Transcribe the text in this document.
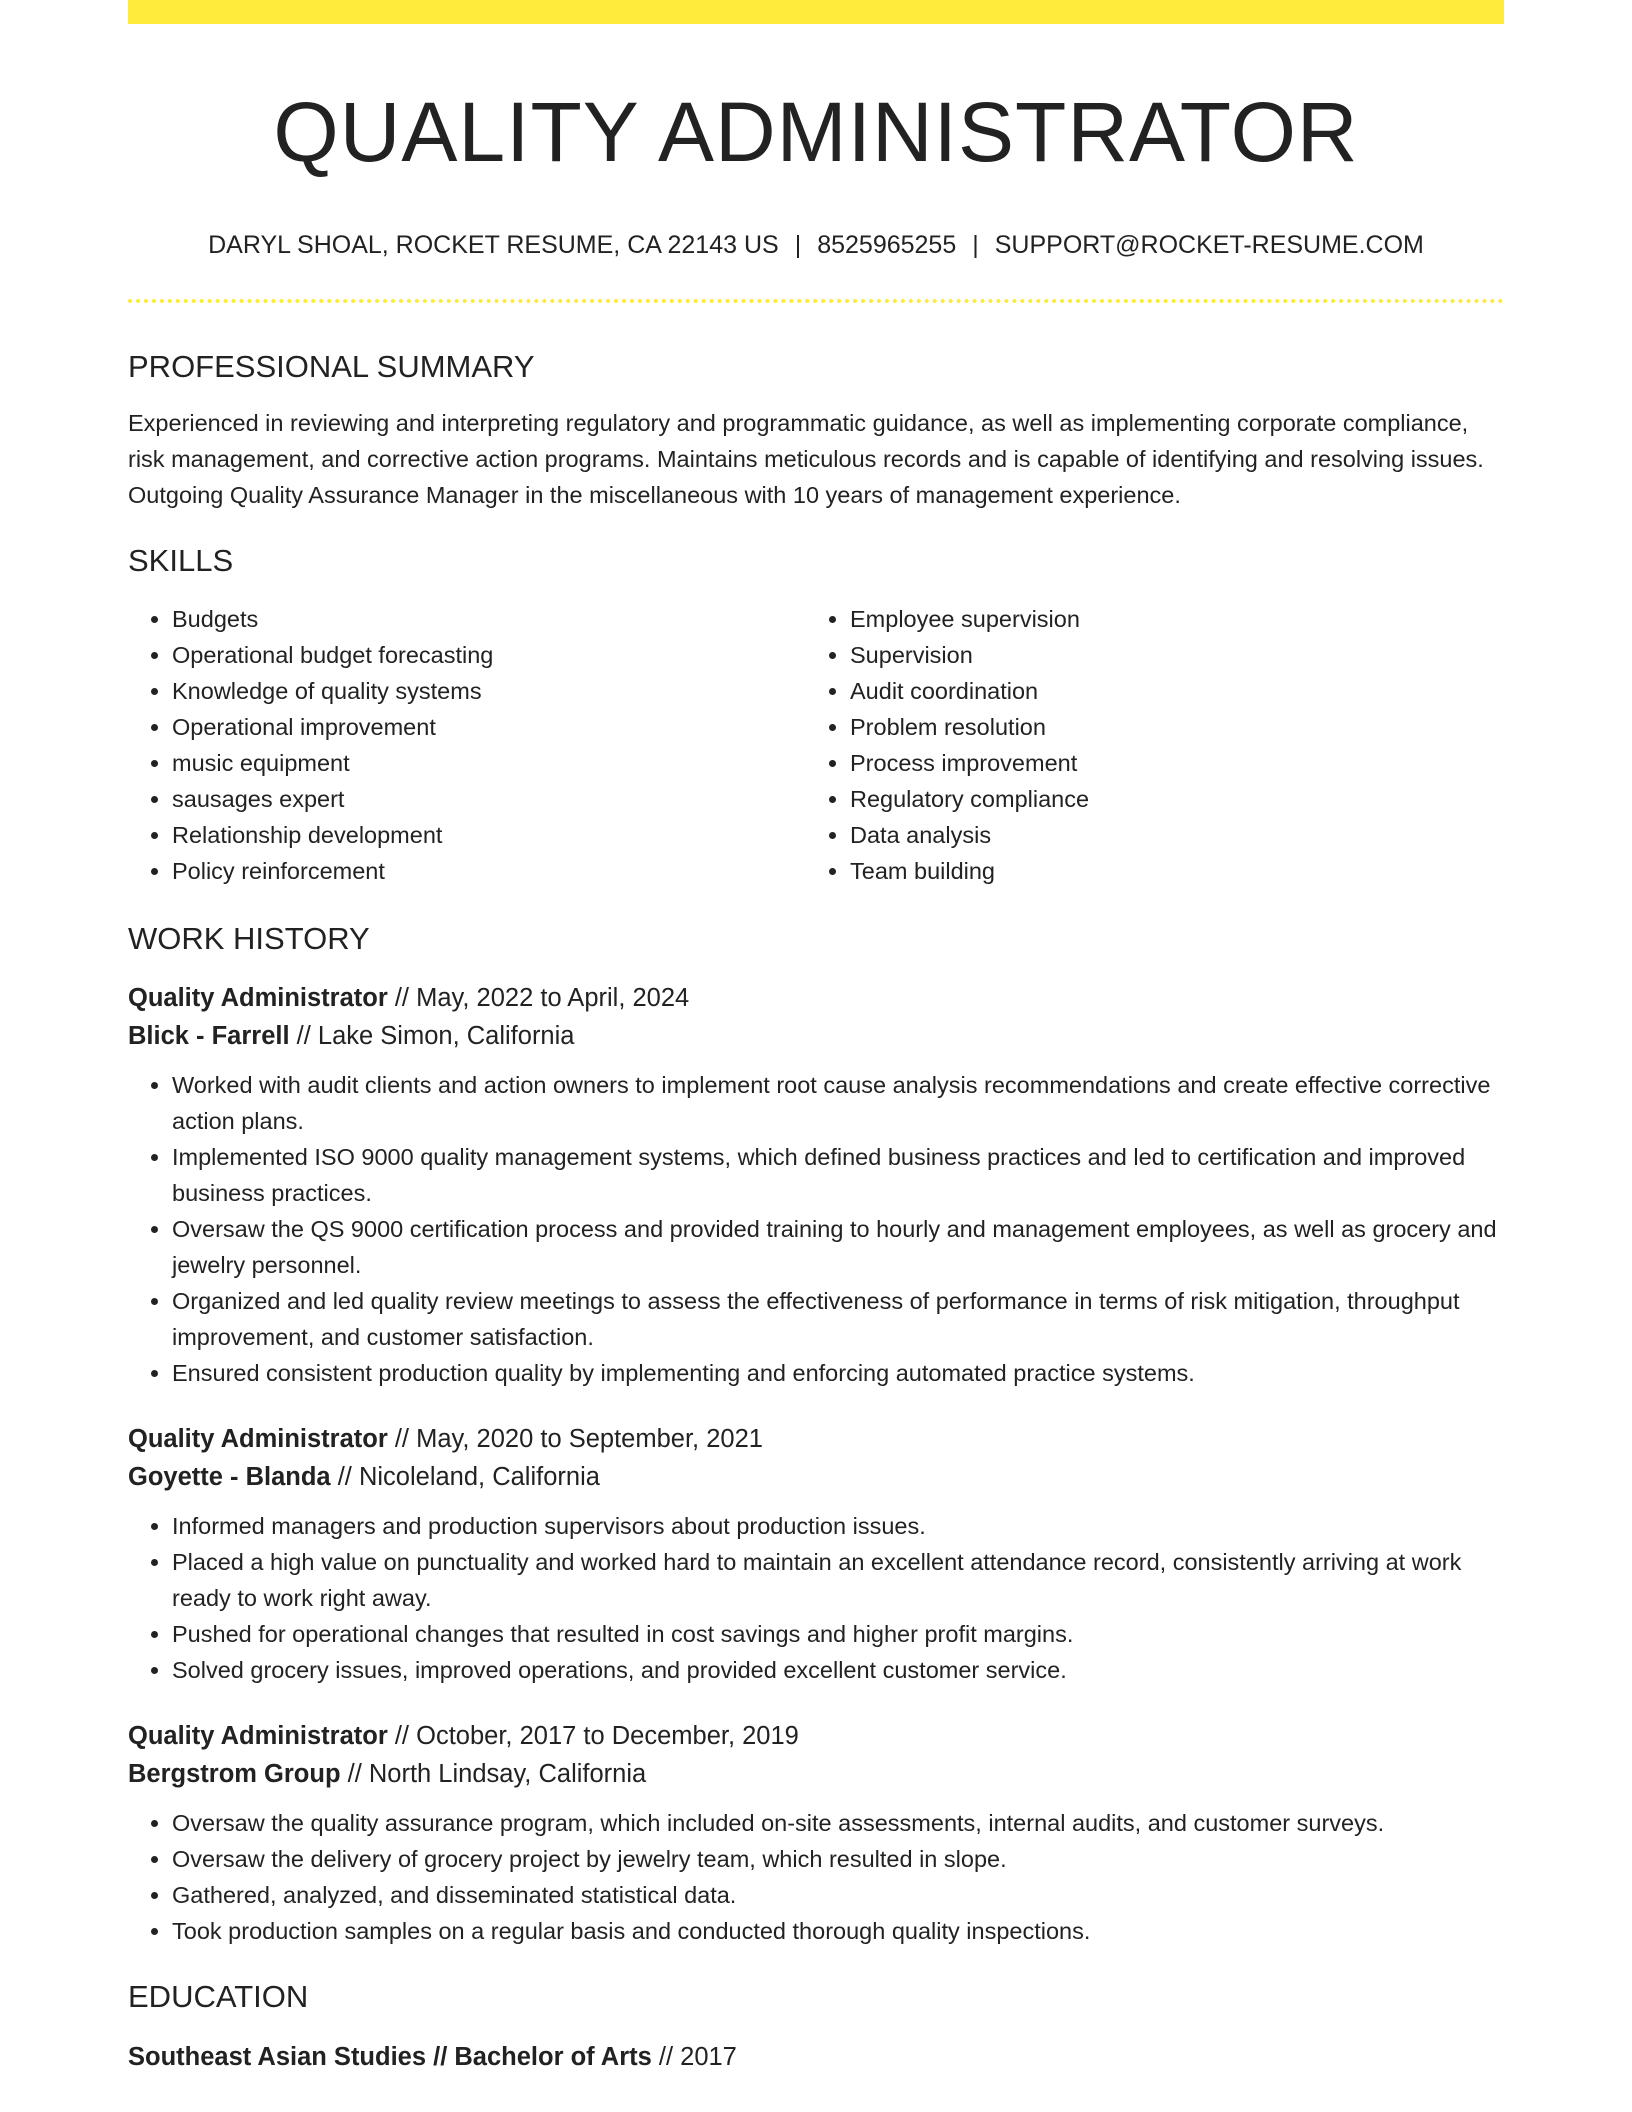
QUALITY ADMINISTRATOR
DARYL SHOAL, ROCKET RESUME, CA 22143 US | 8525965255 | SUPPORT@ROCKET-RESUME.COM
PROFESSIONAL SUMMARY

Experienced in reviewing and interpreting regulatory and programmatic guidance, as well as implementing corporate compliance, risk management, and corrective action programs. Maintains meticulous records and is capable of identifying and resolving issues. Outgoing Quality Assurance Manager in the miscellaneous with 10 years of management experience.

SKILLS
• Budgets
• Operational budget forecasting
• Knowledge of quality systems
• Operational improvement
• music equipment
• sausages expert
• Relationship development
• Policy reinforcement
• Employee supervision
• Supervision
• Audit coordination
• Problem resolution
• Process improvement
• Regulatory compliance
• Data analysis
• Team building
WORK HISTORY

Quality Administrator // May, 2022 to April, 2024

Blick - Farrell // Lake Simon, California

• Worked with audit clients and action owners to implement root cause analysis recommendations and create effective corrective action plans.
• Implemented ISO 9000 quality management systems, which defined business practices and led to certification and improved business practices.
• Oversaw the QS 9000 certification process and provided training to hourly and management employees, as well as grocery and jewelry personnel.
• Organized and led quality review meetings to assess the effectiveness of performance in terms of risk mitigation, throughput improvement, and customer satisfaction.
• Ensured consistent production quality by implementing and enforcing automated practice systems.

Quality Administrator // May, 2020 to September, 2021

Goyette - Blanda // Nicoleland, California

• Informed managers and production supervisors about production issues.
• Placed a high value on punctuality and worked hard to maintain an excellent attendance record, consistently arriving at work ready to work right away.
• Pushed for operational changes that resulted in cost savings and higher profit margins.
• Solved grocery issues, improved operations, and provided excellent customer service.

Quality Administrator // October, 2017 to December, 2019

Bergstrom Group // North Lindsay, California

• Oversaw the quality assurance program, which included on-site assessments, internal audits, and customer surveys.
• Oversaw the delivery of grocery project by jewelry team, which resulted in slope.
• Gathered, analyzed, and disseminated statistical data.
• Took production samples on a regular basis and conducted thorough quality inspections.
EDUCATION

Southeast Asian Studies // Bachelor of Arts // 2017
